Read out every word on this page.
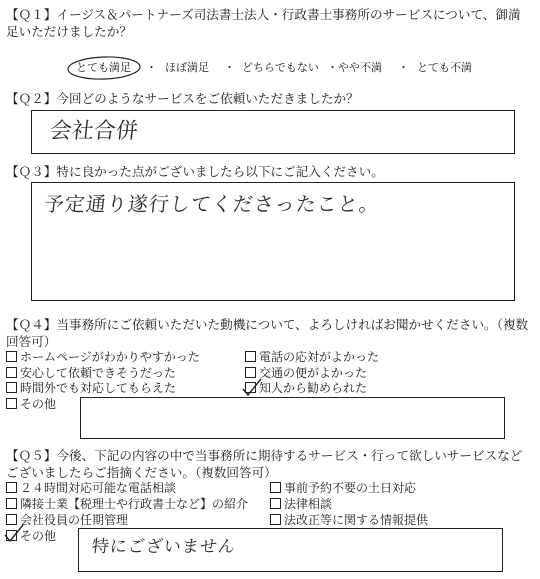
【Ｑ１】イージス＆パートナーズ司法書士法人・行政書士事務所のサービスについて、御満
足いただけましたか？
とても満足 ・ ほぼ満足 ・ どちらでもない ・やや不満 ・ とても不満
【Ｑ２】今回どのようなサービスをご依頼いただきましたか？
会社合併
【Ｑ３】特に良かった点がございましたら以下にご記入ください。
予定通り遂行してくださったこと。
【Ｑ４】当事務所にご依頼いただいた動機について、よろしければお聞かせください。（複数
回答可）
ホームページがわかりやすかった
安心して依頼できそうだった
時間外でも対応してもらえた
その他
電話の応対がよかった
交通の便がよかった
知人から勧められた
【Ｑ５】今後、下記の内容の中で当事務所に期待するサービス・行って欲しいサービスなど
ございましたらご指摘ください。（複数回答可）
２４時間対応可能な電話相談
隣接士業【税理士や行政書士など】の紹介
会社役員の任期管理
その他
事前予約不要の土日対応
法律相談
法改正等に関する情報提供
特にございません
